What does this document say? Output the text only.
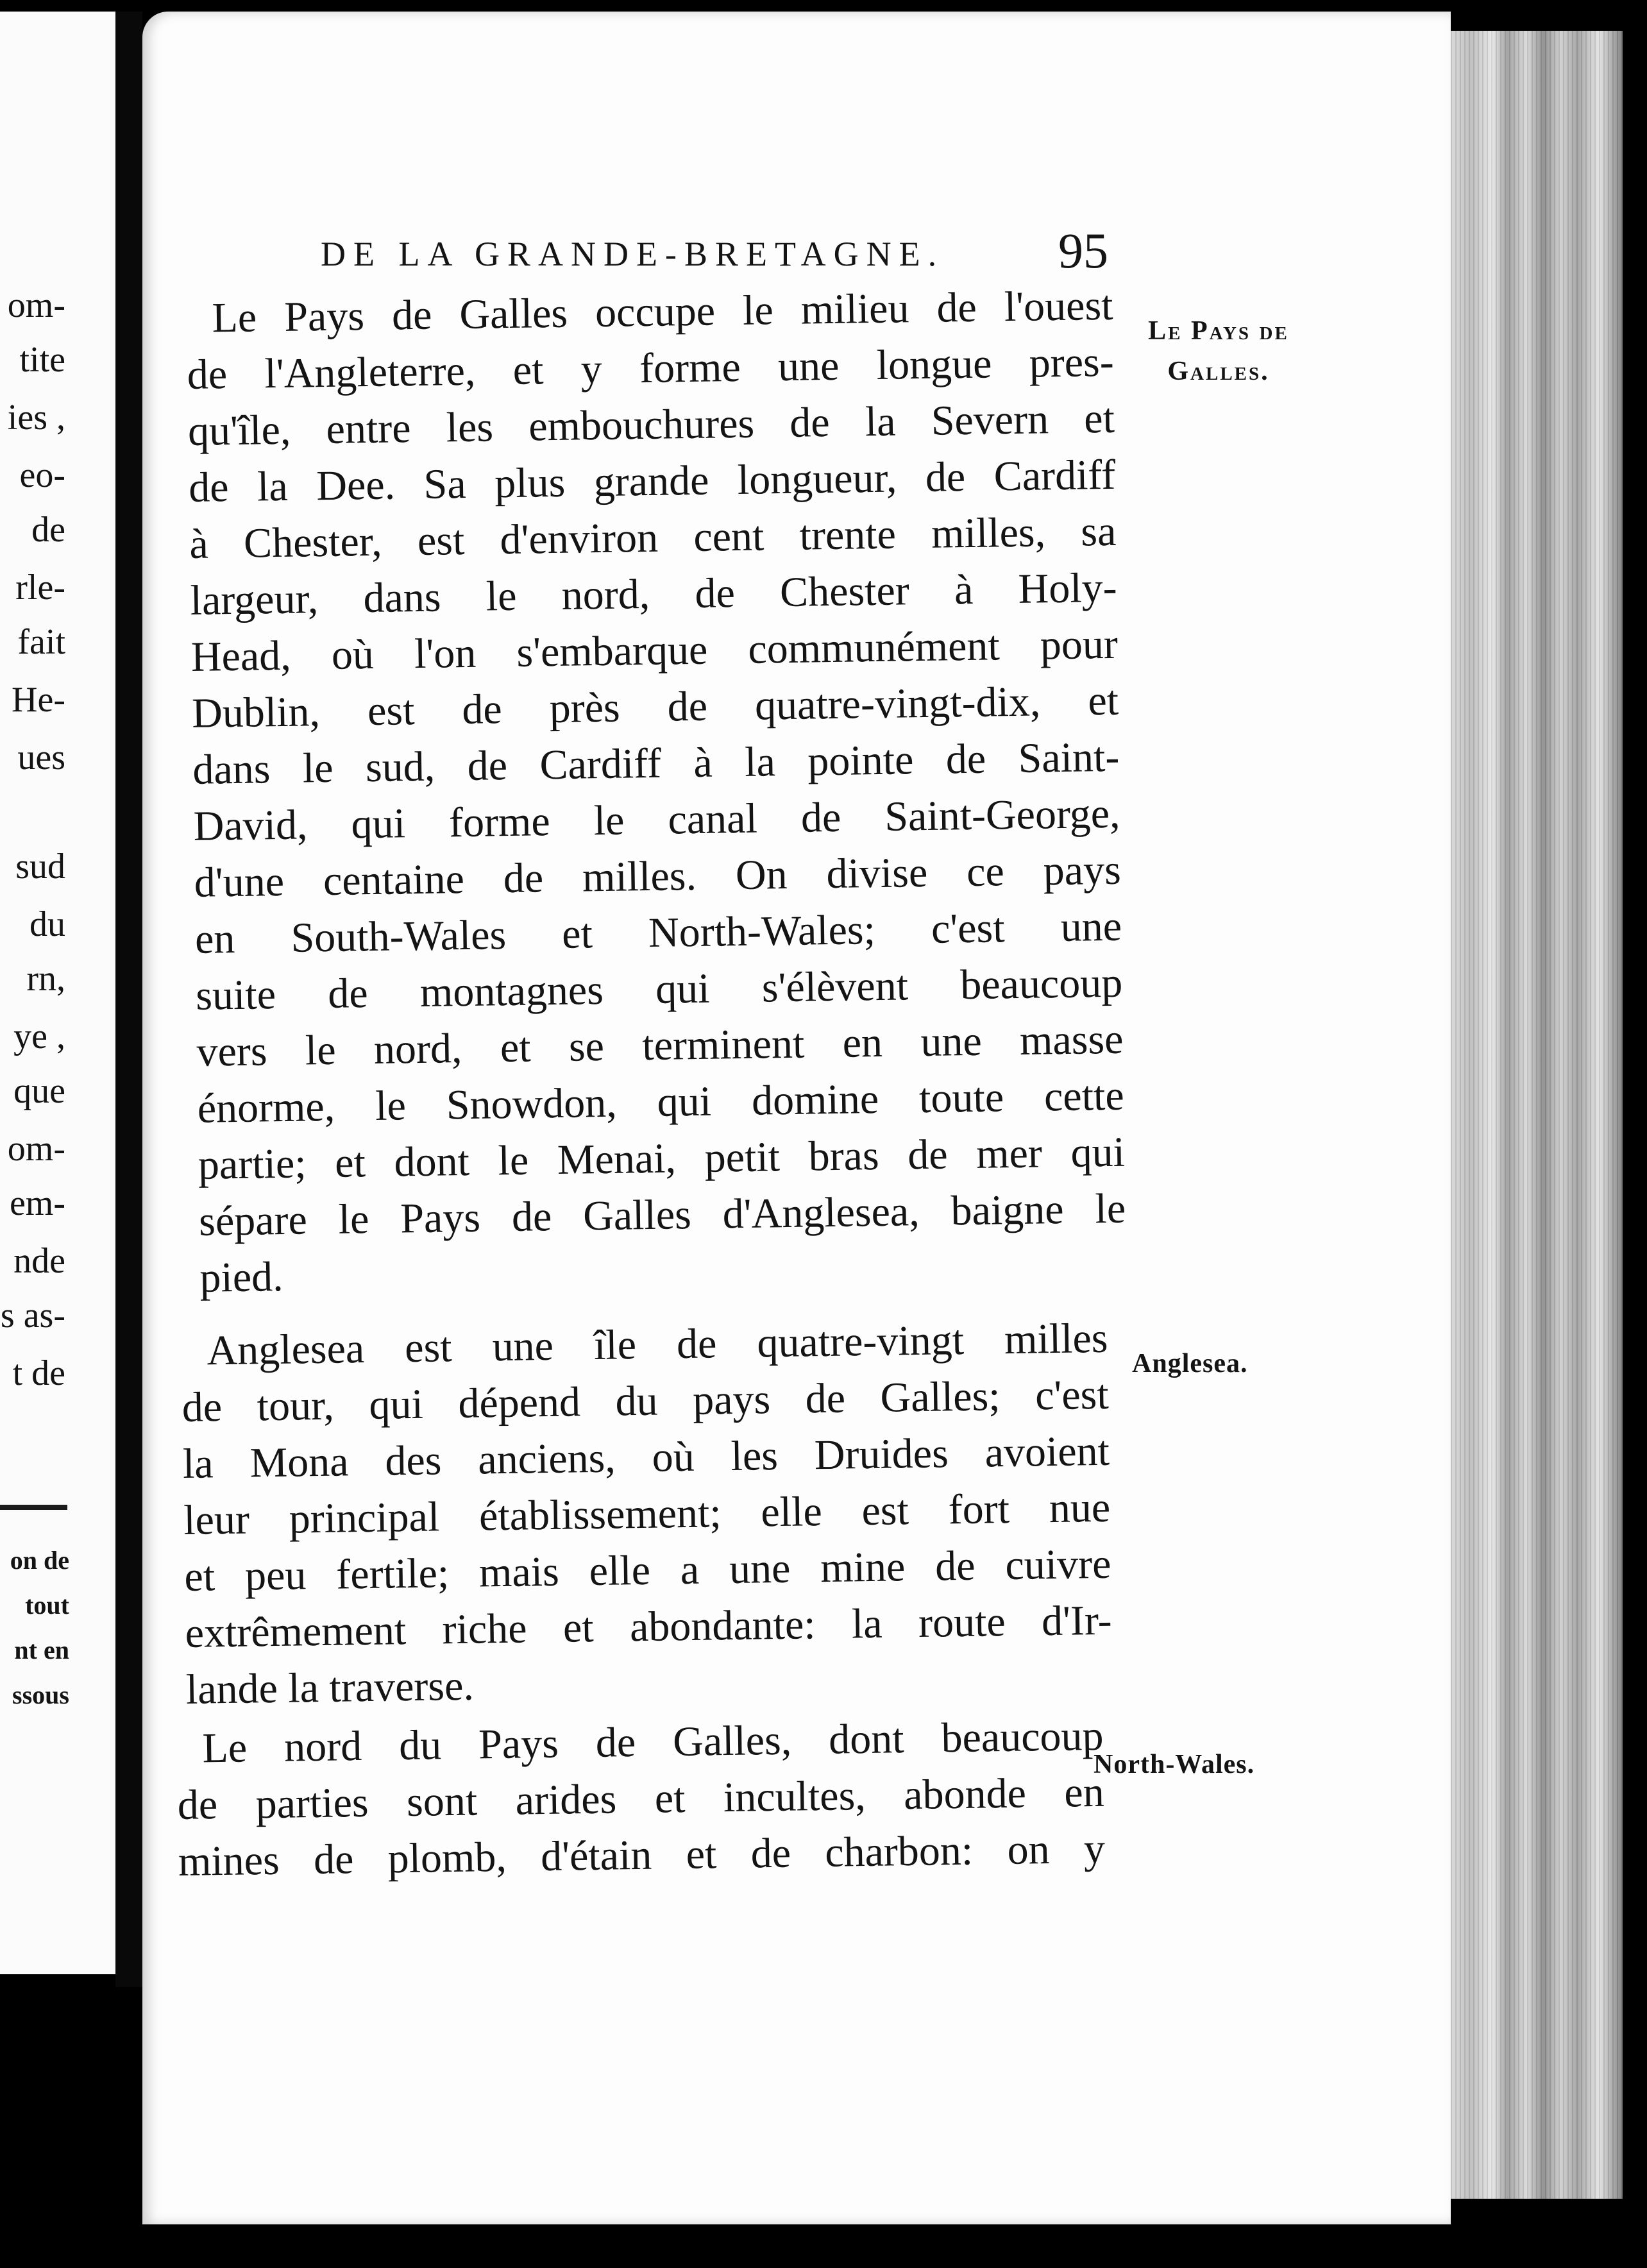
om-
tite
ies ,
eo-
de
rle-
fait
He-
ues
sud
du
rn,
ye ,
que
om-
em-
nde
s as-
t de
on de
tout
nt en
ssous
DE LA GRANDE-BRETAGNE.	95
Le Pays de Galles occupe le milieu de l'ouest
de l'Angleterre, et y forme une longue pres-
qu'île, entre les embouchures de la Severn et
de la Dee. Sa plus grande longueur, de Cardiff
à Chester, est d'environ cent trente milles, sa
largeur, dans le nord, de Chester à Holy-
Head, où l'on s'embarque communément pour
Dublin, est de près de quatre-vingt-dix, et
dans le sud, de Cardiff à la pointe de Saint-
David, qui forme le canal de Saint-George,
d'une centaine de milles. On divise ce pays
en South-Wales et North-Wales; c'est une
suite de montagnes qui s'élèvent beaucoup
vers le nord, et se terminent en une masse
énorme, le Snowdon, qui domine toute cette
partie; et dont le Menai, petit bras de mer qui
sépare le Pays de Galles d'Anglesea, baigne le
pied.
Anglesea est une île de quatre-vingt milles
de tour, qui dépend du pays de Galles; c'est
la Mona des anciens, où les Druides avoient
leur principal établissement; elle est fort nue
et peu fertile; mais elle a une mine de cuivre
extrêmement riche et abondante: la route d'Ir-
lande la traverse.
Le nord du Pays de Galles, dont beaucoup
de parties sont arides et incultes, abonde en
mines de plomb, d'étain et de charbon: on y
Le Pays de
Galles.
Anglesea.
North-Wales.
